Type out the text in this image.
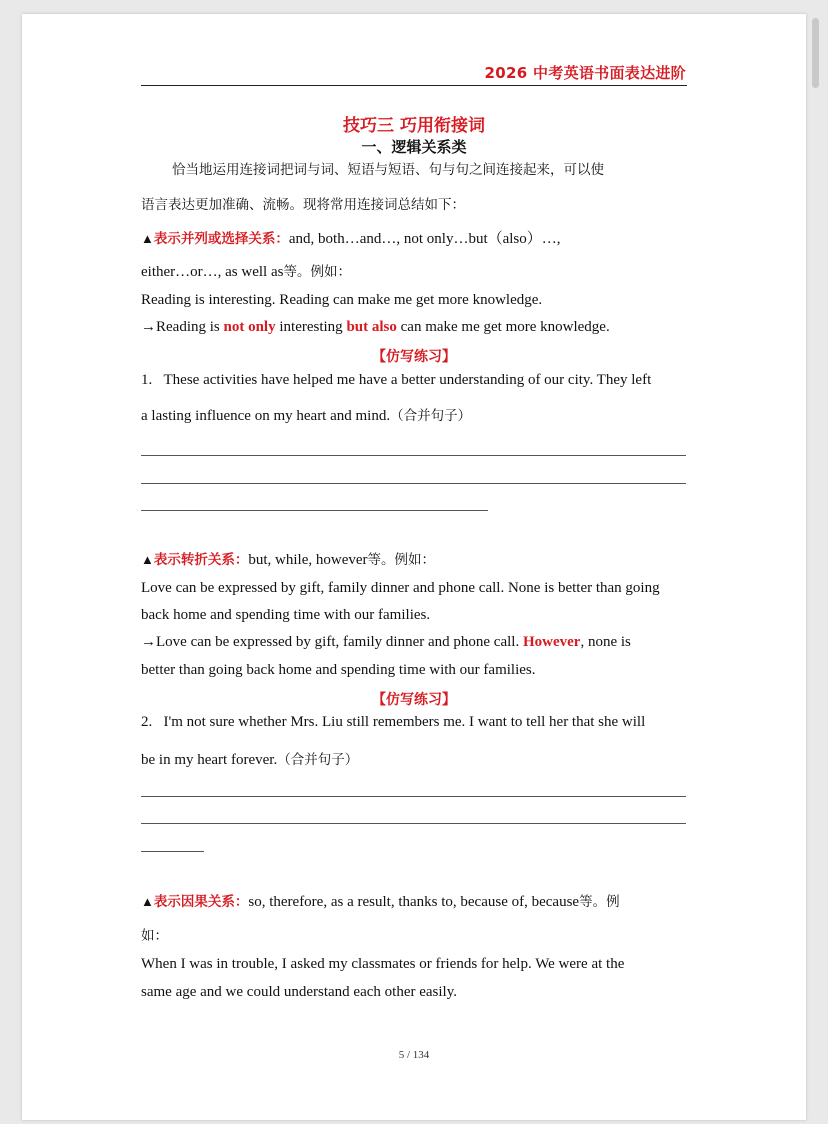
2026 中考英语书面表达进阶
技巧三 巧用衔接词
一、逻辑关系类
恰当地运用连接词把词与词、短语与短语、句与句之间连接起来，可以使
语言表达更加准确、流畅。现将常用连接词总结如下：
▲表示并列或选择关系：and, both…and…, not only…but（also）…,
either…or…, as well as等。例如：
Reading is interesting. Reading can make me get more knowledge.
→Reading is not only interesting but also can make me get more knowledge.
【仿写练习】
1. These activities have helped me have a better understanding of our city. They left
a lasting influence on my heart and mind.（合并句子）
▲表示转折关系：but, while, however等。例如：
Love can be expressed by gift, family dinner and phone call. None is better than going
back home and spending time with our families.
→Love can be expressed by gift, family dinner and phone call. However, none is
better than going back home and spending time with our families.
【仿写练习】
2. I'm not sure whether Mrs. Liu still remembers me. I want to tell her that she will
be in my heart forever.（合并句子）
▲表示因果关系：so, therefore, as a result, thanks to, because of, because等。例
如：
When I was in trouble, I asked my classmates or friends for help. We were at the
same age and we could understand each other easily.
5 / 134
